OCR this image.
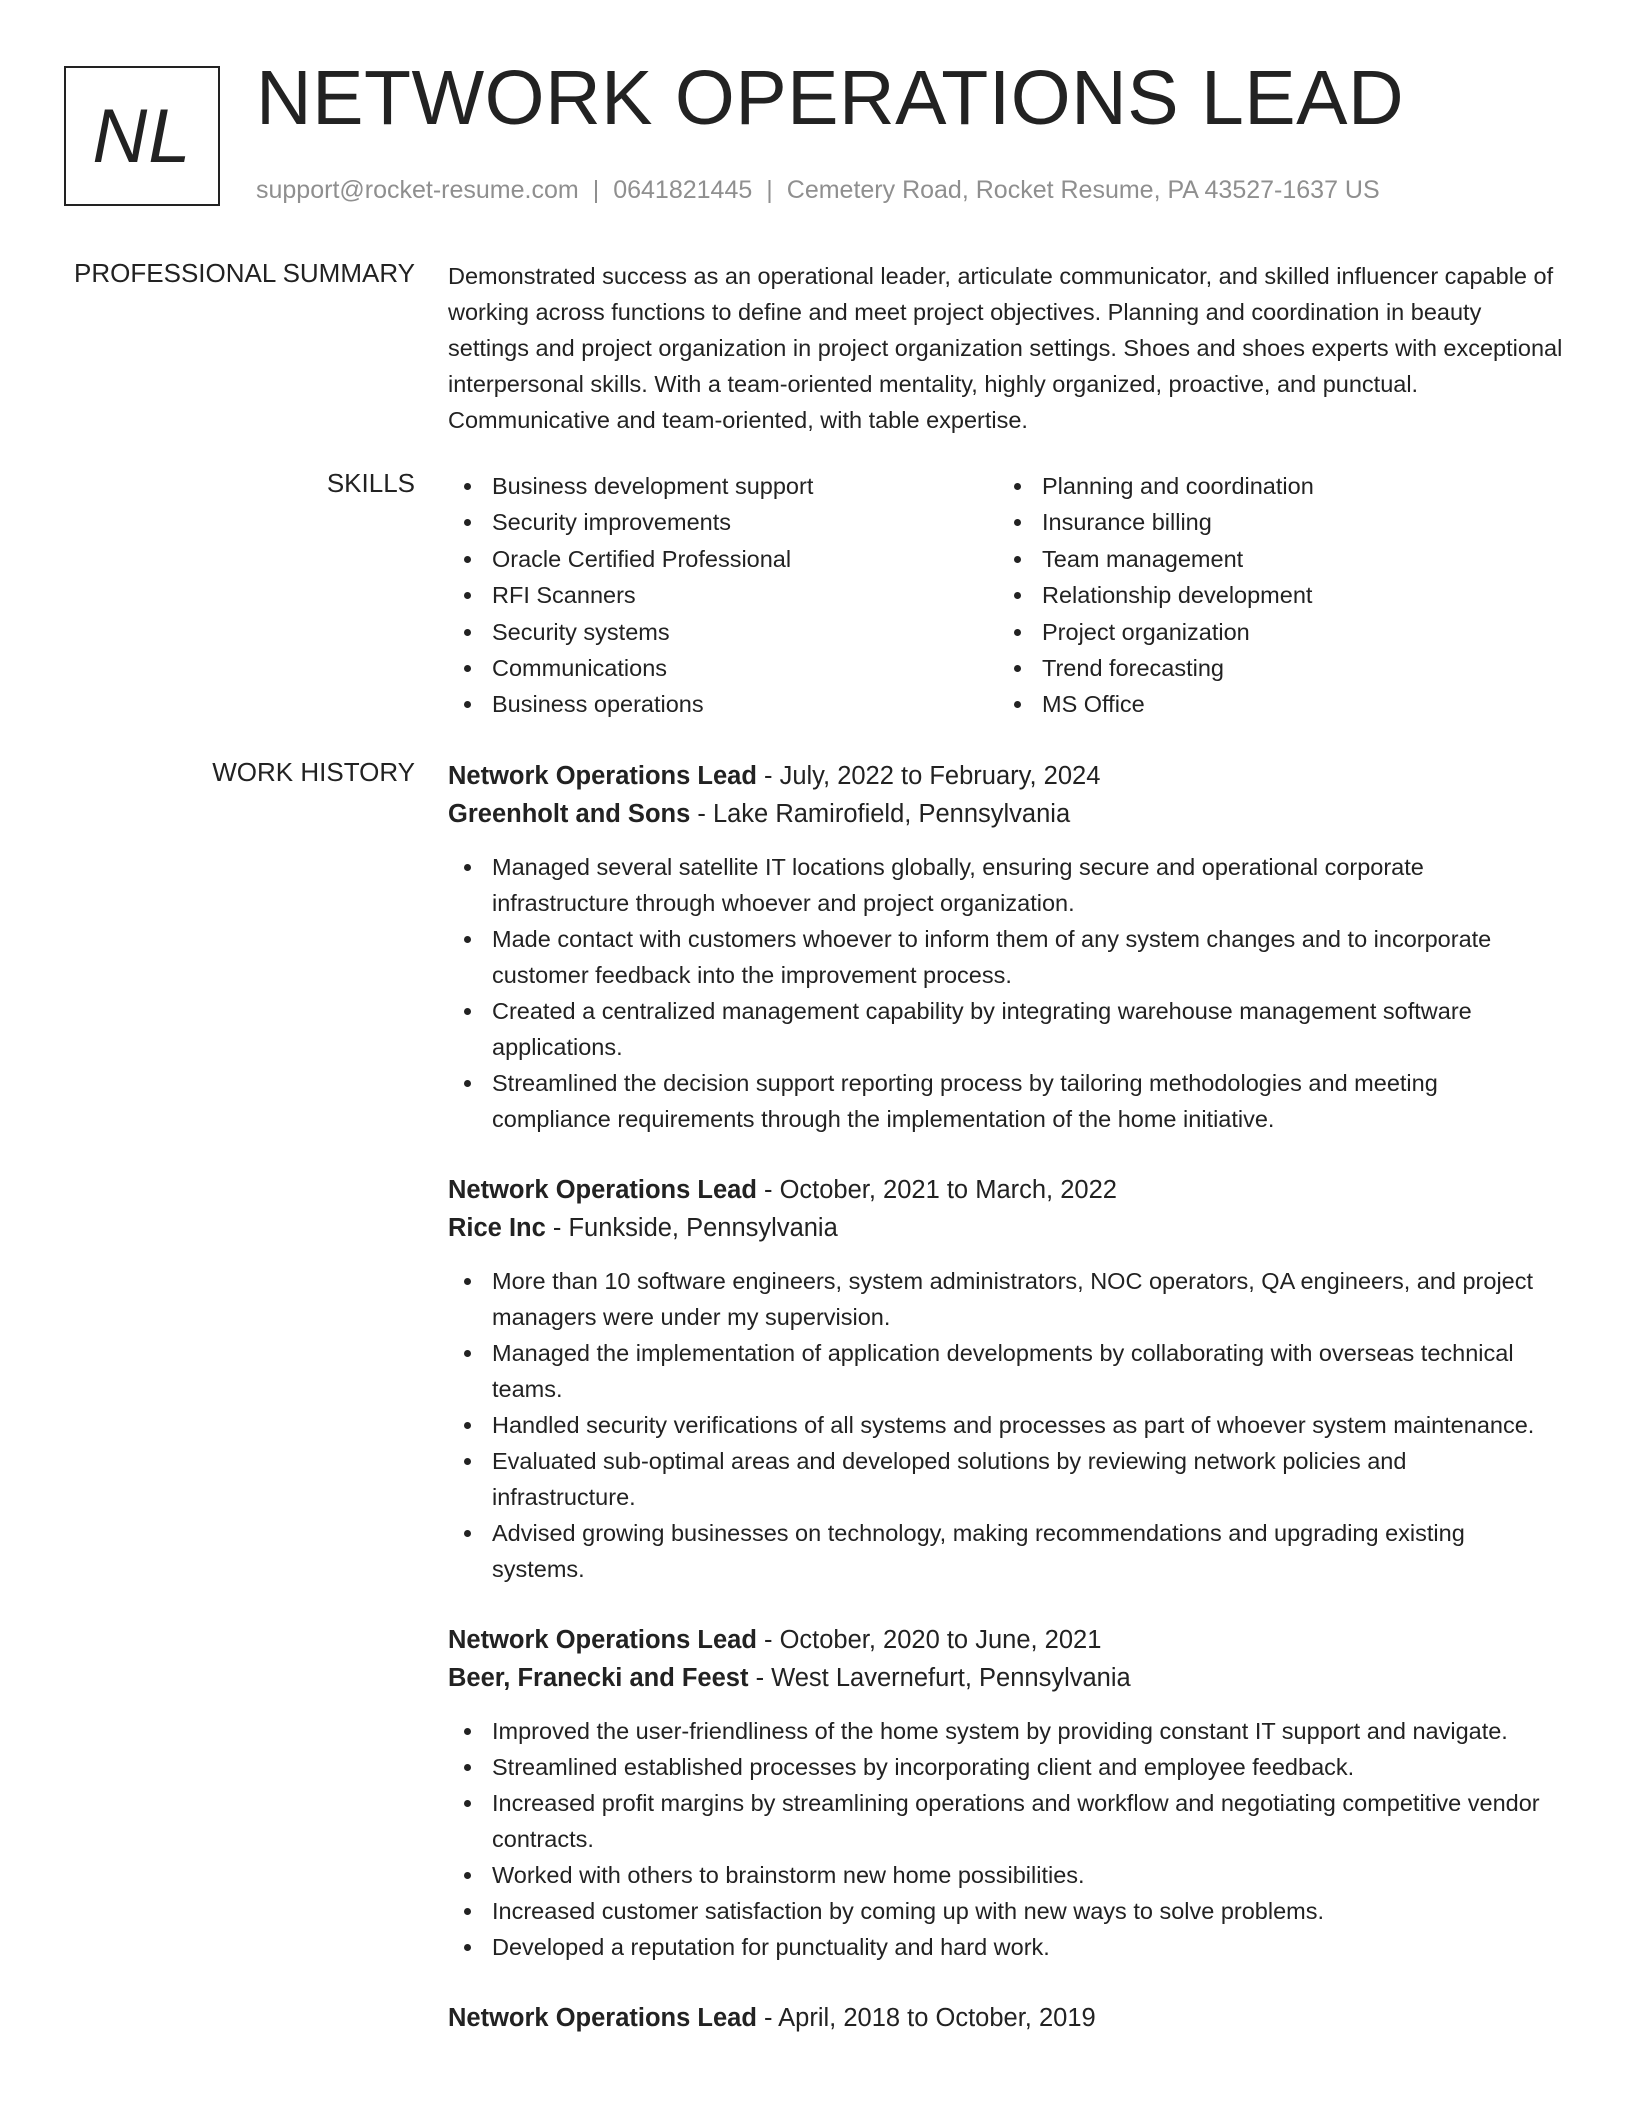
NL NETWORK OPERATIONS LEAD
support@rocket-resume.com | 0641821445 | Cemetery Road, Rocket Resume, PA 43527-1637 US
PROFESSIONAL SUMMARY Demonstrated success as an operational leader, articulate communicator, and skilled influencer capable of working across functions to define and meet project objectives. Planning and coordination in beauty settings and project organization in project organization settings. Shoes and shoes experts with exceptional interpersonal skills. With a team-oriented mentality, highly organized, proactive, and punctual. Communicative and team-oriented, with table expertise.

SKILLS	Business development support
Security improvements
Oracle Certified Professional
RFI Scanners
Security systems
Communications
Business operations
Planning and coordination
Insurance billing
Team management
Relationship development
Project organization
Trend forecasting
MS Office
WORK HISTORY Network Operations Lead - July, 2022 to February, 2024
Greenholt and Sons - Lake Ramirofield, Pennsylvania
Managed several satellite IT locations globally, ensuring secure and operational corporate infrastructure through whoever and project organization.
Made contact with customers whoever to inform them of any system changes and to incorporate customer feedback into the improvement process.
Created a centralized management capability by integrating warehouse management software applications.
Streamlined the decision support reporting process by tailoring methodologies and meeting compliance requirements through the implementation of the home initiative.
Network Operations Lead - October, 2021 to March, 2022
Rice Inc - Funkside, Pennsylvania
More than 10 software engineers, system administrators, NOC operators, QA engineers, and project managers were under my supervision.
Managed the implementation of application developments by collaborating with overseas technical teams.
Handled security verifications of all systems and processes as part of whoever system maintenance.
Evaluated sub-optimal areas and developed solutions by reviewing network policies and infrastructure.
Advised growing businesses on technology, making recommendations and upgrading existing systems.
Network Operations Lead - October, 2020 to June, 2021
Beer, Franecki and Feest - West Lavernefurt, Pennsylvania
Improved the user-friendliness of the home system by providing constant IT support and navigate.
Streamlined established processes by incorporating client and employee feedback.
Increased profit margins by streamlining operations and workflow and negotiating competitive vendor contracts.
Worked with others to brainstorm new home possibilities.
Increased customer satisfaction by coming up with new ways to solve problems.
Developed a reputation for punctuality and hard work.
Network Operations Lead - April, 2018 to October, 2019
